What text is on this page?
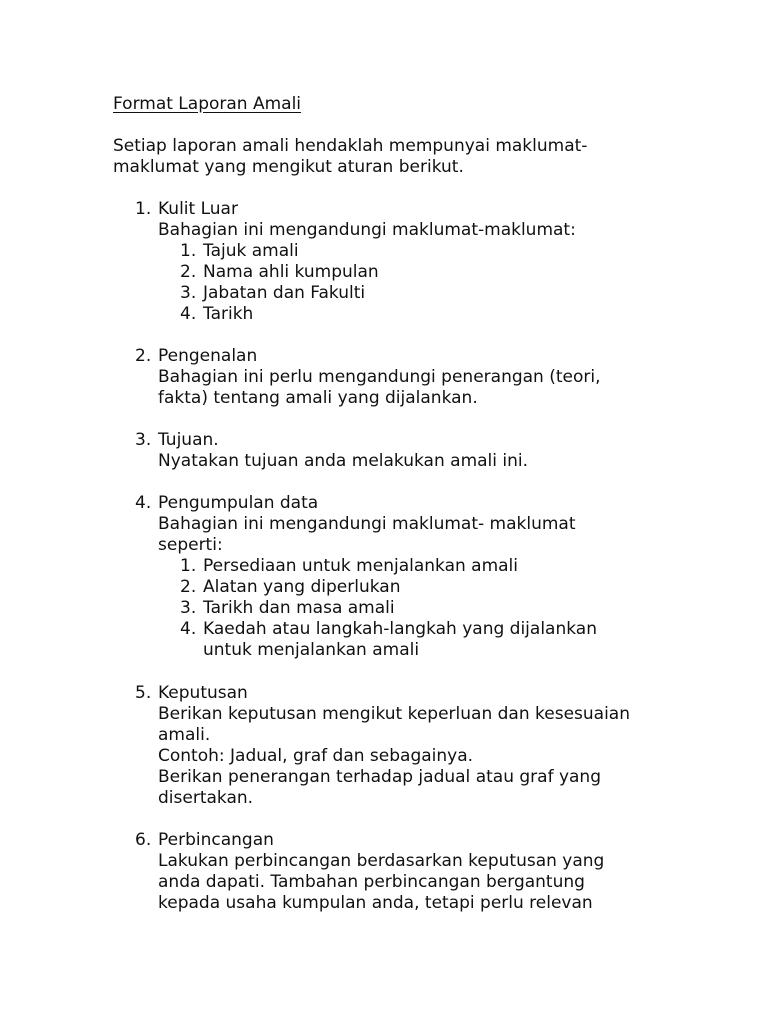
Format Laporan Amali
Setiap laporan amali hendaklah mempunyai maklumat-
maklumat yang mengikut aturan berikut.
1. Kulit Luar
Bahagian ini mengandungi maklumat-maklumat:
1. Tajuk amali
2. Nama ahli kumpulan
3. Jabatan dan Fakulti
4. Tarikh
2. Pengenalan
Bahagian ini perlu mengandungi penerangan (teori,
fakta) tentang amali yang dijalankan.
3. Tujuan.
Nyatakan tujuan anda melakukan amali ini.
4. Pengumpulan data
Bahagian ini mengandungi maklumat- maklumat
seperti:
1. Persediaan untuk menjalankan amali
2. Alatan yang diperlukan
3. Tarikh dan masa amali
4. Kaedah atau langkah-langkah yang dijalankan
untuk menjalankan amali
5. Keputusan
Berikan keputusan mengikut keperluan dan kesesuaian
amali.
Contoh: Jadual, graf dan sebagainya.
Berikan penerangan terhadap jadual atau graf yang
disertakan.
6. Perbincangan
Lakukan perbincangan berdasarkan keputusan yang
anda dapati. Tambahan perbincangan bergantung
kepada usaha kumpulan anda, tetapi perlu relevan
